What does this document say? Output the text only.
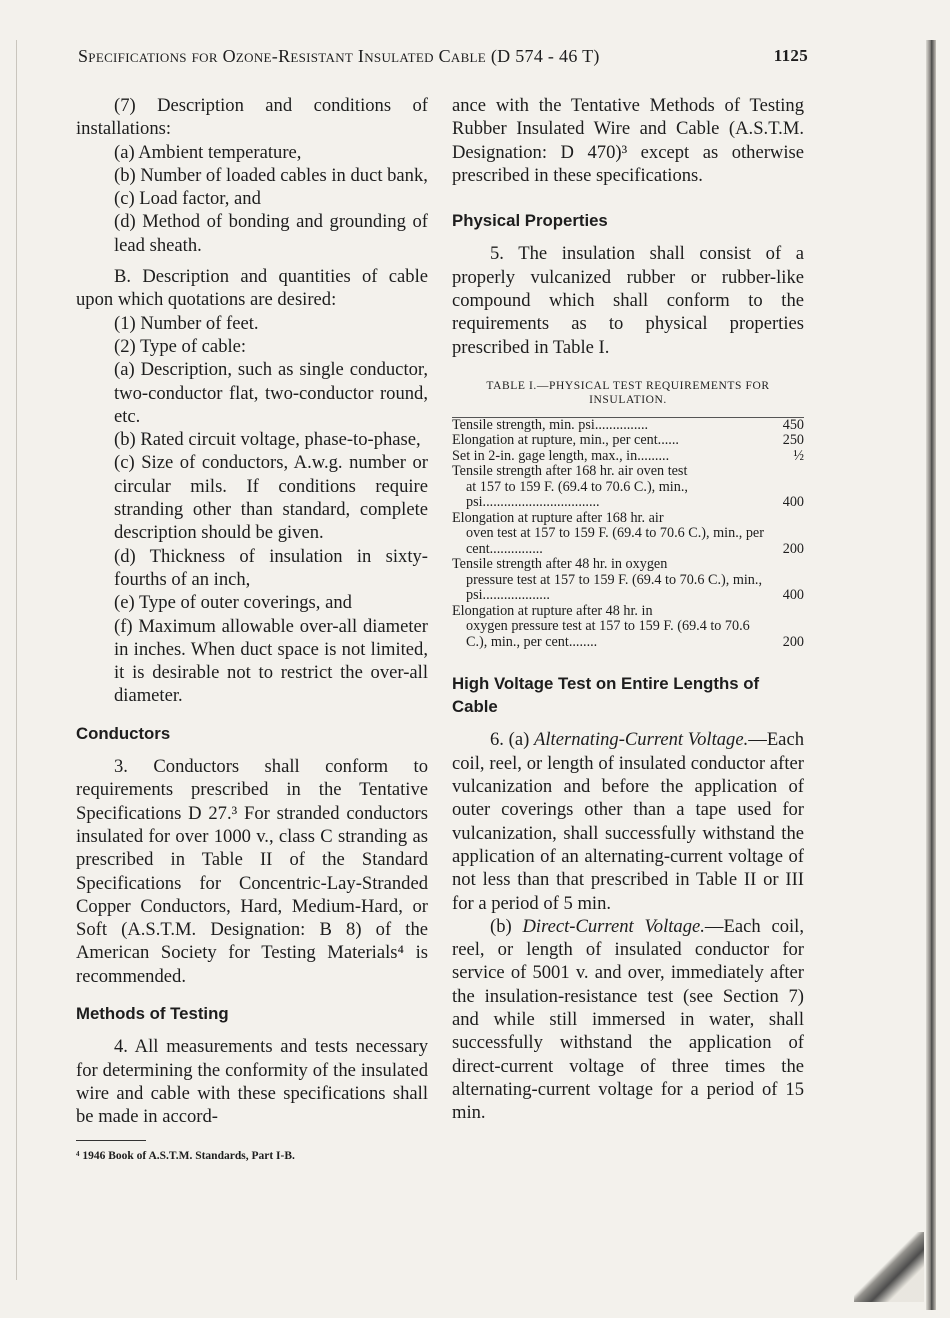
Specifications for Ozone-Resistant Insulated Cable (D 574 - 46 T)	1125

(7) Description and conditions of installations:

(a) Ambient temperature,

(b) Number of loaded cables in duct bank,

(c) Load factor, and

(d) Method of bonding and grounding of lead sheath.

B. Description and quantities of cable upon which quotations are desired:

(1) Number of feet.

(2) Type of cable:

(a) Description, such as single conductor, two-conductor flat, two-conductor round, etc.

(b) Rated circuit voltage, phase-to-phase,

(c) Size of conductors, A.w.g. number or circular mils. If conditions require stranding other than standard, complete description should be given.

(d) Thickness of insulation in sixty-fourths of an inch,

(e) Type of outer coverings, and

(f) Maximum allowable over-all diameter in inches. When duct space is not limited, it is desirable not to restrict the over-all diameter.

Conductors

3. Conductors shall conform to requirements prescribed in the Tentative Specifications D 27.³ For stranded conductors insulated for over 1000 v., class C stranding as prescribed in Table II of the Standard Specifications for Concentric-Lay-Stranded Copper Conductors, Hard, Medium-Hard, or Soft (A.S.T.M. Designation: B 8) of the American Society for Testing Materials⁴ is recommended.

Methods of Testing

4. All measurements and tests necessary for determining the conformity of the insulated wire and cable with these specifications shall be made in accord-

⁴ 1946 Book of A.S.T.M. Standards, Part I-B.

ance with the Tentative Methods of Testing Rubber Insulated Wire and Cable (A.S.T.M. Designation: D 470)³ except as otherwise prescribed in these specifications.

Physical Properties

5. The insulation shall consist of a properly vulcanized rubber or rubber-like compound which shall conform to the requirements as to physical properties prescribed in Table I.

TABLE I.—PHYSICAL TEST REQUIREMENTS FOR INSULATION.

Tensile strength, min. psi...............	450

Elongation at rupture, min., per cent......	250

Set in 2-in. gage length, max., in.........	½

Tensile strength after 168 hr. air oven test
at 157 to 159 F. (69.4 to 70.6 C.), min., psi.................................	400

Elongation at rupture after 168 hr. air
oven test at 157 to 159 F. (69.4 to 70.6 C.), min., per cent...............	200

Tensile strength after 48 hr. in oxygen
pressure test at 157 to 159 F. (69.4 to 70.6 C.), min., psi...................	400

Elongation at rupture after 48 hr. in
oxygen pressure test at 157 to 159 F. (69.4 to 70.6 C.), min., per cent........	200

High Voltage Test on Entire Lengths of Cable

6. (a) Alternating-Current Voltage.—Each coil, reel, or length of insulated conductor after vulcanization and before the application of outer coverings other than a tape used for vulcanization, shall successfully withstand the application of an alternating-current voltage of not less than that prescribed in Table II or III for a period of 5 min.

(b) Direct-Current Voltage.—Each coil, reel, or length of insulated conductor for service of 5001 v. and over, immediately after the insulation-resistance test (see Section 7) and while still immersed in water, shall successfully withstand the application of direct-current voltage of three times the alternating-current voltage for a period of 15 min.
